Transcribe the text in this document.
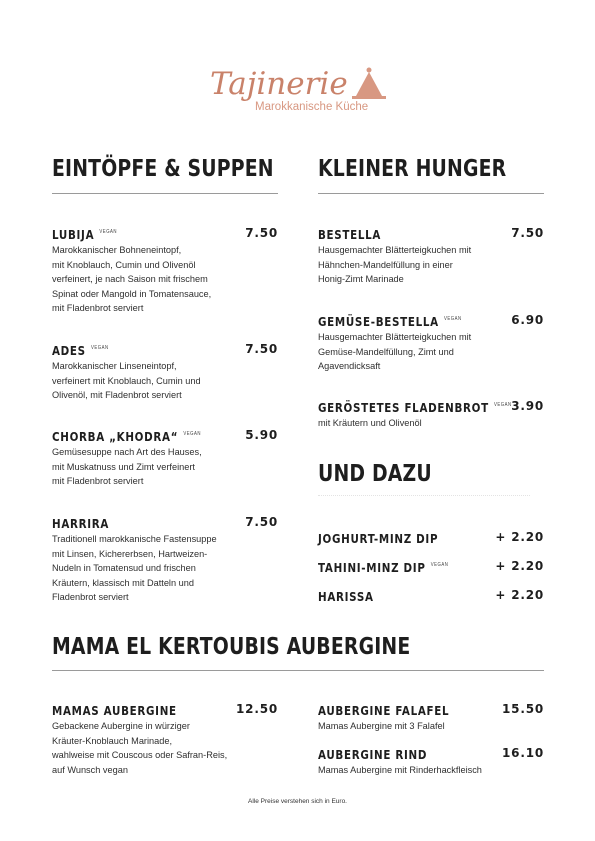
Tajinerie
Marokkanische Küche
EINTÖPFE & SUPPEN
LUBIJA $^{VEGAN}$	7.50
Marokkanischer Bohneneintopf,
mit Knoblauch, Cumin und Olivenöl
verfeinert, je nach Saison mit frischem
Spinat oder Mangold in Tomatensauce,
mit Fladenbrot serviert
ADES $^{VEGAN}$	7.50
Marokkanischer Linseneintopf,
verfeinert mit Knoblauch, Cumin und
Olivenöl, mit Fladenbrot serviert
CHORBA „KHODRA“ $^{VEGAN}$	5.90
Gemüsesuppe nach Art des Hauses,
mit Muskatnuss und Zimt verfeinert
mit Fladenbrot serviert
HARRIRA	7.50
Traditionell marokkanische Fastensuppe
mit Linsen, Kichererbsen, Hartweizen-
Nudeln in Tomatensud und frischen
Kräutern, klassisch mit Datteln und
Fladenbrot serviert
KLEINER HUNGER
BESTELLA	7.50
Hausgemachter Blätterteigkuchen mit
Hähnchen-Mandelfüllung in einer
Honig-Zimt Marinade
GEMÜSE-BESTELLA $^{VEGAN}$	6.90
Hausgemachter Blätterteigkuchen mit
Gemüse-Mandelfüllung, Zimt und
Agavendicksaft
GERÖSTETES FLADENBROT $^{VEGAN}$ 3.90
mit Kräutern und Olivenöl
UND DAZU
JOGHURT-MINZ DIP	+ 2.20
TAHINI-MINZ DIP $^{VEGAN}$	+ 2.20
HARISSA	+ 2.20
MAMA EL KERTOUBIS AUBERGINE
MAMAS AUBERGINE	12.50
Gebackene Aubergine in würziger
Kräuter-Knoblauch Marinade,
wahlweise mit Couscous oder Safran-Reis,
auf Wunsch vegan
AUBERGINE FALAFEL	15.50
Mamas Aubergine mit 3 Falafel
AUBERGINE RIND	16.10
Mamas Aubergine mit Rinderhackfleisch
Alle Preise verstehen sich in Euro.
